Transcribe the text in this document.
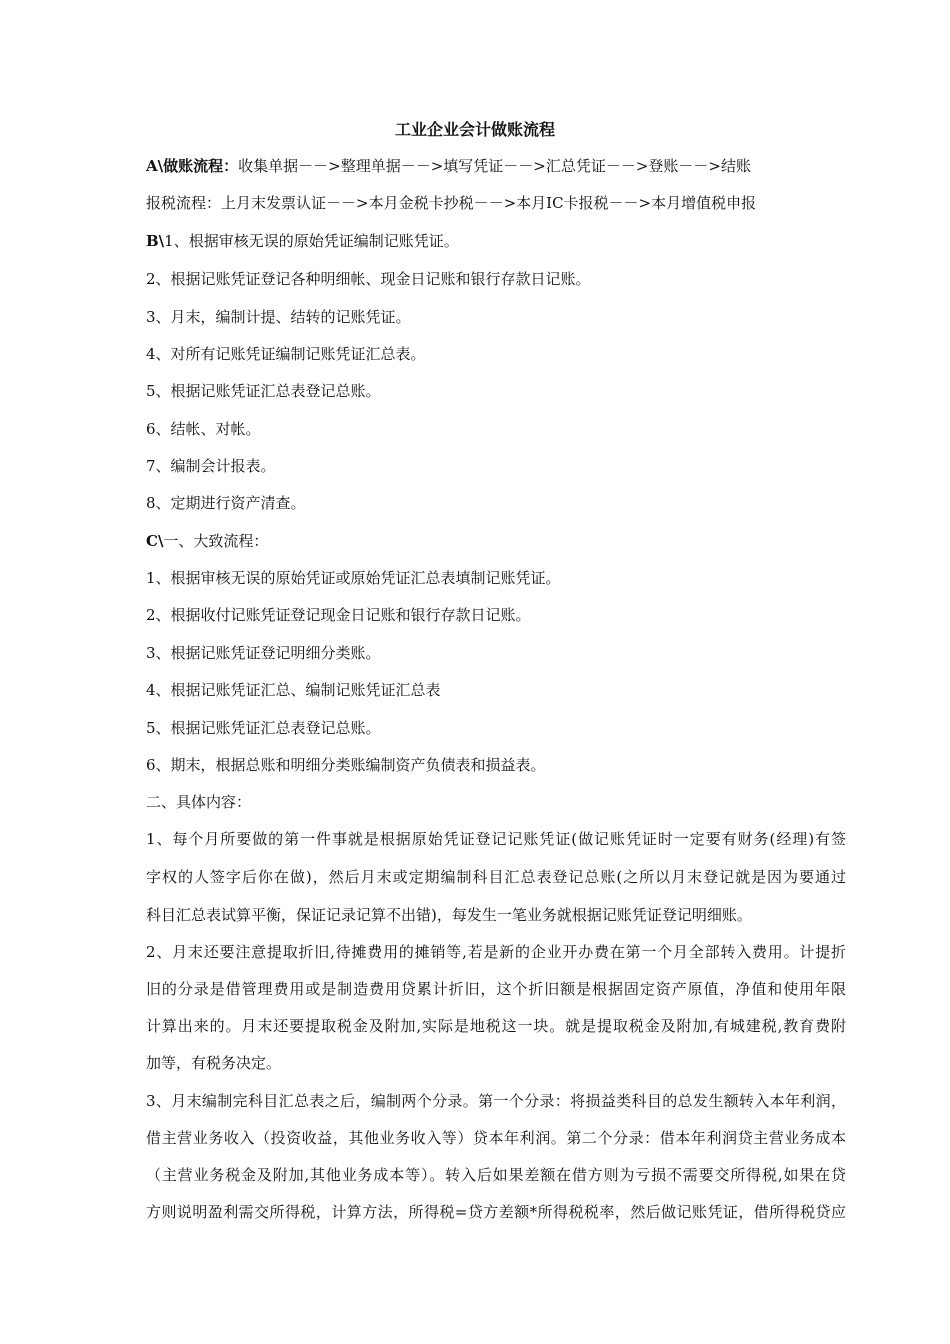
工业企业会计做账流程
A\做账流程：收集单据－－>整理单据－－>填写凭证－－>汇总凭证－－>登账－－>结账
报税流程：上月末发票认证－－>本月金税卡抄税－－>本月IC卡报税－－>本月增值税申报
B\1、根据审核无误的原始凭证编制记账凭证。
2、根据记账凭证登记各种明细帐、现金日记账和银行存款日记账。
3、月末，编制计提、结转的记账凭证。
4、对所有记账凭证编制记账凭证汇总表。
5、根据记账凭证汇总表登记总账。
6、结帐、对帐。
7、编制会计报表。
8、定期进行资产清查。
C\一、大致流程：
1、根据审核无误的原始凭证或原始凭证汇总表填制记账凭证。
2、根据收付记账凭证登记现金日记账和银行存款日记账。
3、根据记账凭证登记明细分类账。
4、根据记账凭证汇总、编制记账凭证汇总表
5、根据记账凭证汇总表登记总账。
6、期末，根据总账和明细分类账编制资产负债表和损益表。
二、具体内容：
1、每个月所要做的第一件事就是根据原始凭证登记记账凭证(做记账凭证时一定要有财务(经理)有签
字权的人签字后你在做)，然后月末或定期编制科目汇总表登记总账(之所以月末登记就是因为要通过
科目汇总表试算平衡，保证记录记算不出错)，每发生一笔业务就根据记账凭证登记明细账。
2、月末还要注意提取折旧,待摊费用的摊销等,若是新的企业开办费在第一个月全部转入费用。计提折
旧的分录是借管理费用或是制造费用贷累计折旧，这个折旧额是根据固定资产原值，净值和使用年限
计算出来的。月末还要提取税金及附加,实际是地税这一块。就是提取税金及附加,有城建税,教育费附
加等，有税务决定。
3、月末编制完科目汇总表之后，编制两个分录。第一个分录：将损益类科目的总发生额转入本年利润，
借主营业务收入（投资收益，其他业务收入等）贷本年利润。第二个分录：借本年利润贷主营业务成本
（主营业务税金及附加,其他业务成本等）。转入后如果差额在借方则为亏损不需要交所得税,如果在贷
方则说明盈利需交所得税，计算方法，所得税=贷方差额*所得税税率，然后做记账凭证，借所得税贷应
